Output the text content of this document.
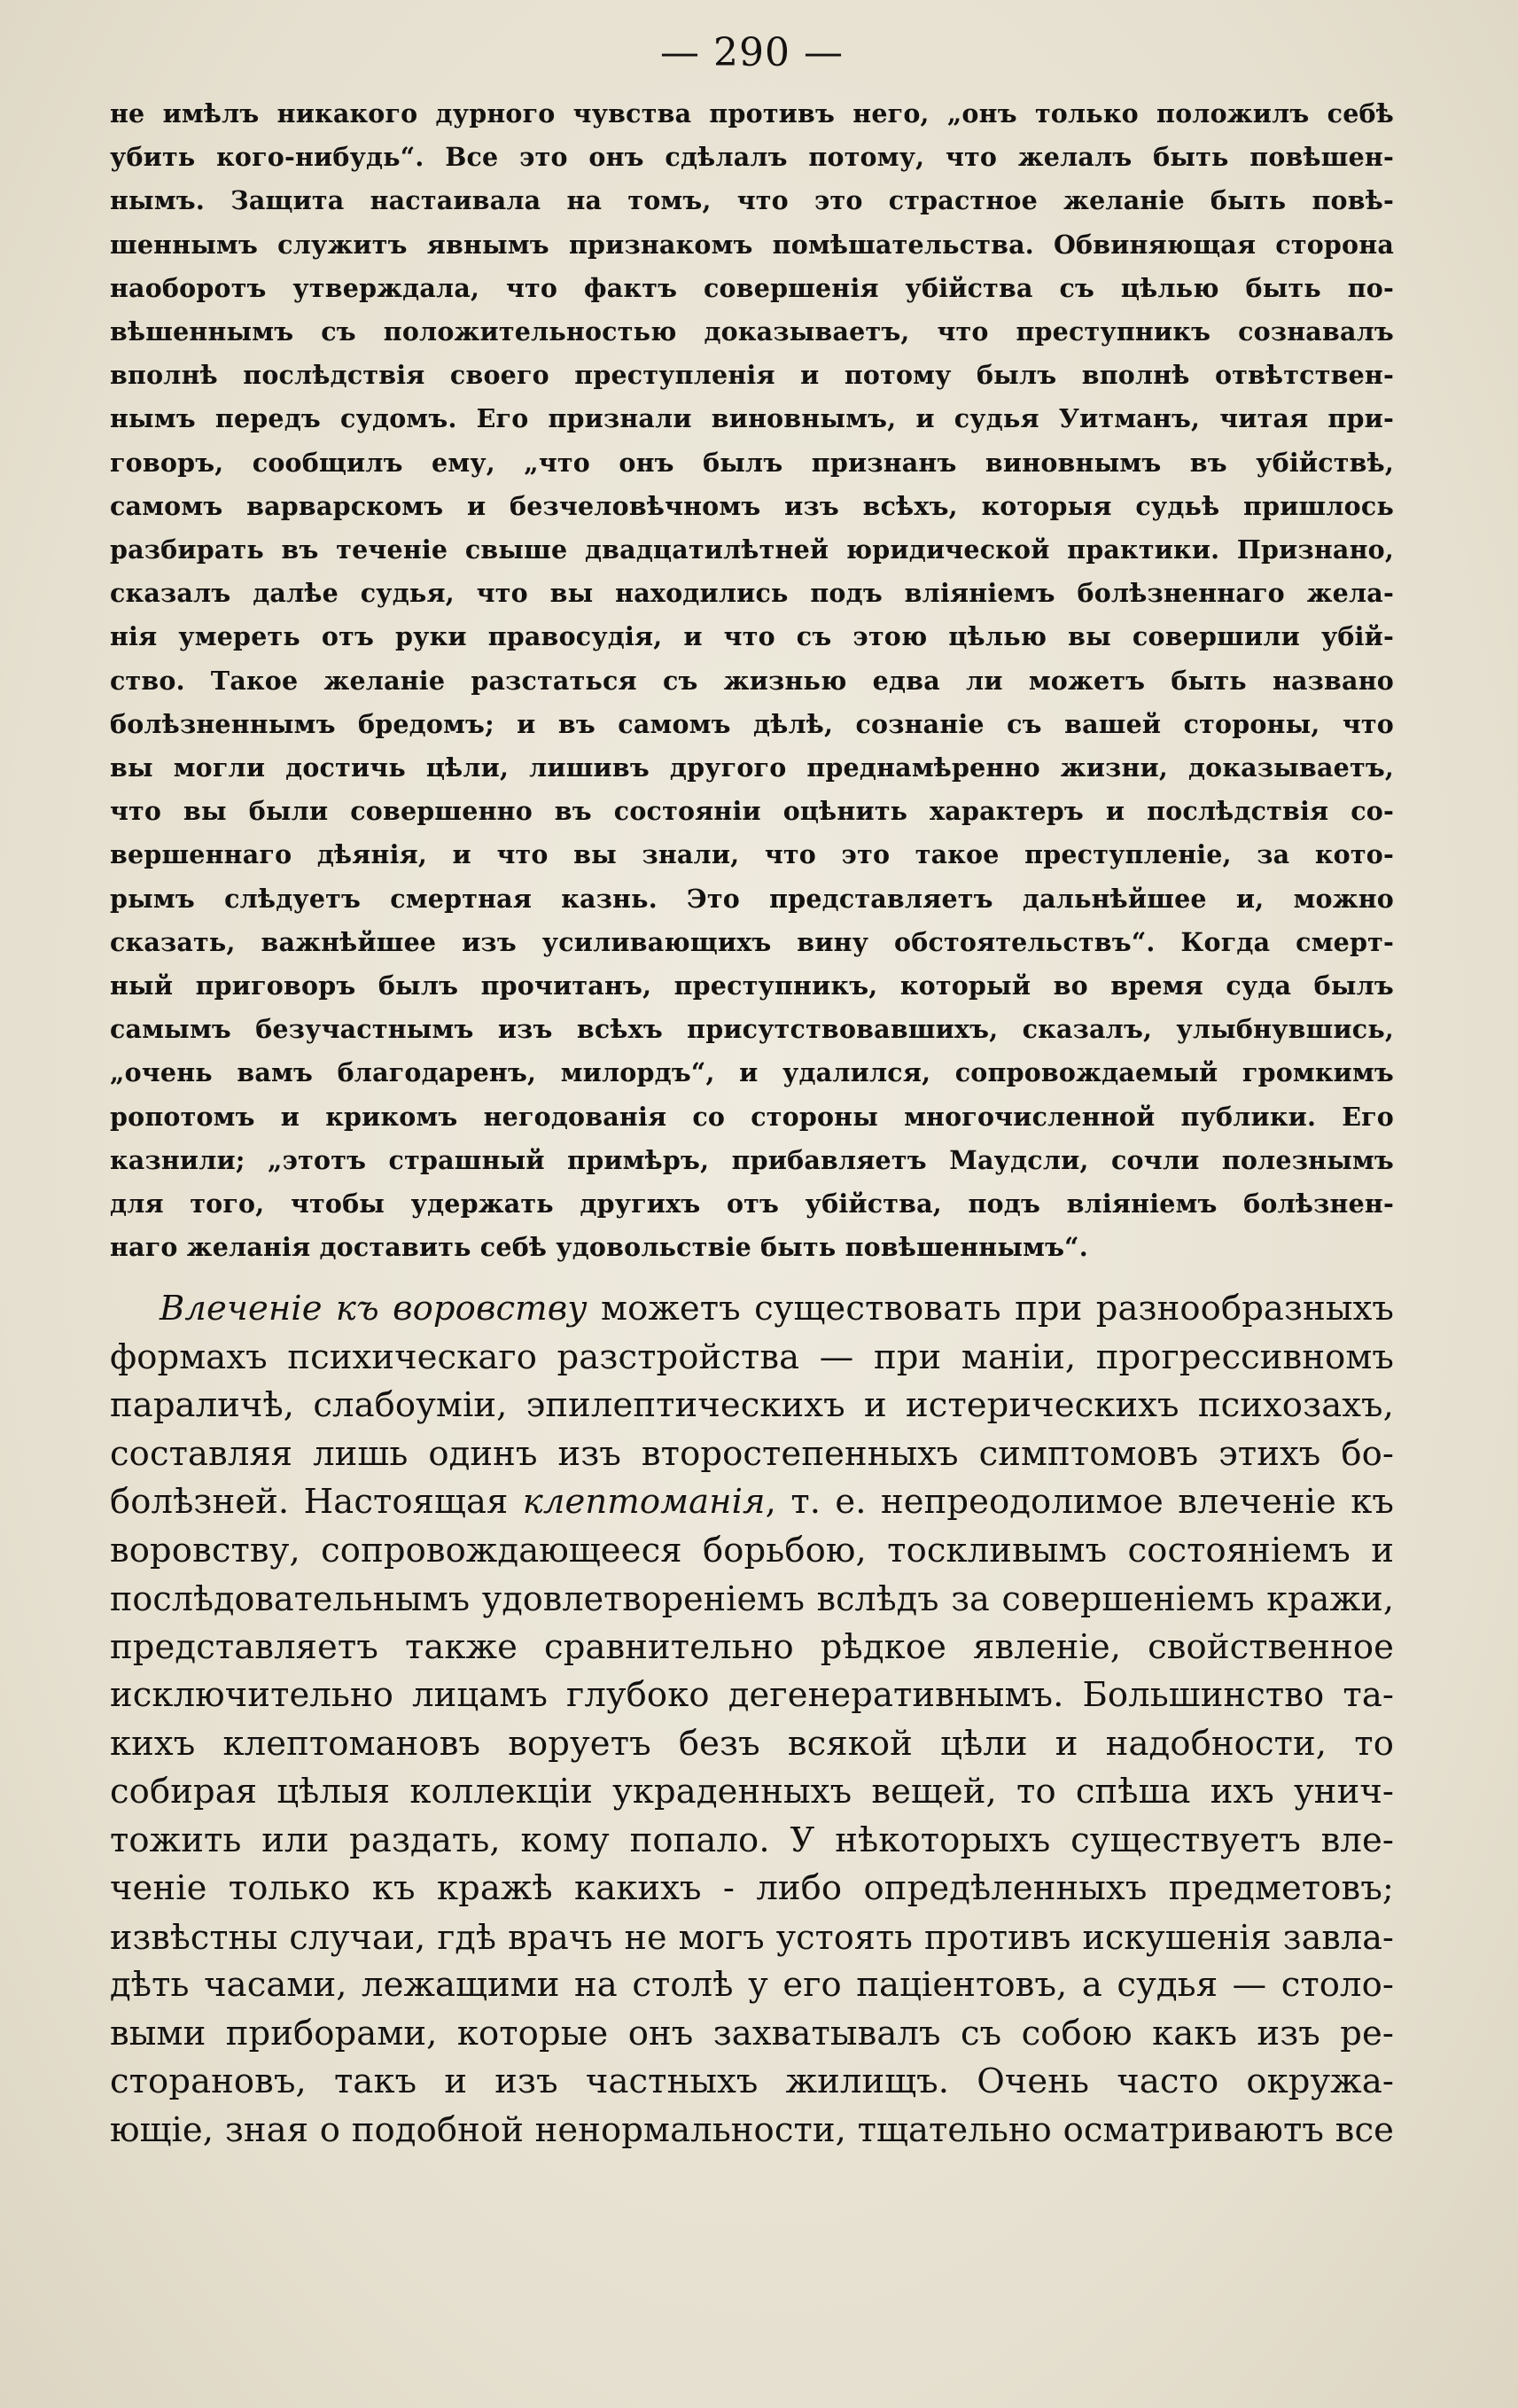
— 290 —
не имѣлъ никакого дурного чувства противъ него, „онъ только положилъ себѣ
убить кого-нибудь“. Все это онъ сдѣлалъ потому, что желалъ быть повѣшен-
нымъ. Защита настаивала на томъ, что это страстное желанiе быть повѣ-
шеннымъ служитъ явнымъ признакомъ помѣшательства. Обвиняющая сторона
наоборотъ утверждала, что фактъ совершенiя убiйства съ цѣлью быть по-
вѣшеннымъ съ положительностью доказываетъ, что преступникъ сознавалъ
вполнѣ послѣдствiя своего преступленiя и потому былъ вполнѣ отвѣтствен-
нымъ передъ судомъ. Его признали виновнымъ, и судья Уитманъ, читая при-
говоръ, сообщилъ ему, „что онъ былъ признанъ виновнымъ въ убiйствѣ,
самомъ варварскомъ и безчеловѣчномъ изъ всѣхъ, которыя судьѣ пришлось
разбирать въ теченiе свыше двадцатилѣтней юридической практики. Признано,
сказалъ далѣе судья, что вы находились подъ влiянiемъ болѣзненнаго жела-
нiя умереть отъ руки правосудiя, и что съ этою цѣлью вы совершили убiй-
ство. Такое желанiе разстаться съ жизнью едва ли можетъ быть названо
болѣзненнымъ бредомъ; и въ самомъ дѣлѣ, сознанiе съ вашей стороны, что
вы могли достичь цѣли, лишивъ другого преднамѣренно жизни, доказываетъ,
что вы были совершенно въ состоянiи оцѣнить характеръ и послѣдствiя со-
вершеннаго дѣянiя, и что вы знали, что это такое преступленiе, за кото-
рымъ слѣдуетъ смертная казнь. Это представляетъ дальнѣйшее и, можно
сказать, важнѣйшее изъ усиливающихъ вину обстоятельствъ“. Когда смерт-
ный приговоръ былъ прочитанъ, преступникъ, который во время суда былъ
самымъ безучастнымъ изъ всѣхъ присутствовавшихъ, сказалъ, улыбнувшись,
„очень вамъ благодаренъ, милордъ“, и удалился, сопровождаемый громкимъ
ропотомъ и крикомъ негодованiя со стороны многочисленной публики. Его
казнили; „этотъ страшный примѣръ, прибавляетъ Маудсли, сочли полезнымъ
для того, чтобы удержать другихъ отъ убiйства, подъ влiянiемъ болѣзнен-
наго желанiя доставить себѣ удовольствiе быть повѣшеннымъ“.
Влеченiе къ воровству можетъ существовать при разнообразныхъ
формахъ психическаго разстройства — при манiи, прогрессивномъ
параличѣ, слабоумiи, эпилептическихъ и истерическихъ психозахъ,
составляя лишь одинъ изъ второстепенныхъ симптомовъ этихъ бо-
болѣзней. Настоящая клептоманiя, т. е. непреодолимое влеченiе къ
воровству, сопровождающееся борьбою, тоскливымъ состоянiемъ и
послѣдовательнымъ удовлетворенiемъ вслѣдъ за совершенiемъ кражи,
представляетъ также сравнительно рѣдкое явленiе, свойственное
исключительно лицамъ глубоко дегенеративнымъ. Большинство та-
кихъ клептомановъ воруетъ безъ всякой цѣли и надобности, то
собирая цѣлыя коллекцiи украденныхъ вещей, то спѣша ихъ унич-
тожить или раздать, кому попало. У нѣкоторыхъ существуетъ вле-
ченiе только къ кражѣ какихъ - либо опредѣленныхъ предметовъ;
извѣстны случаи, гдѣ врачъ не могъ устоять противъ искушенiя завла-
дѣть часами, лежащими на столѣ у его пацiентовъ, а судья — столо-
выми приборами, которые онъ захватывалъ съ собою какъ изъ ре-
сторановъ, такъ и изъ частныхъ жилищъ. Очень часто окружа-
ющiе, зная о подобной ненормальности, тщательно осматриваютъ все
